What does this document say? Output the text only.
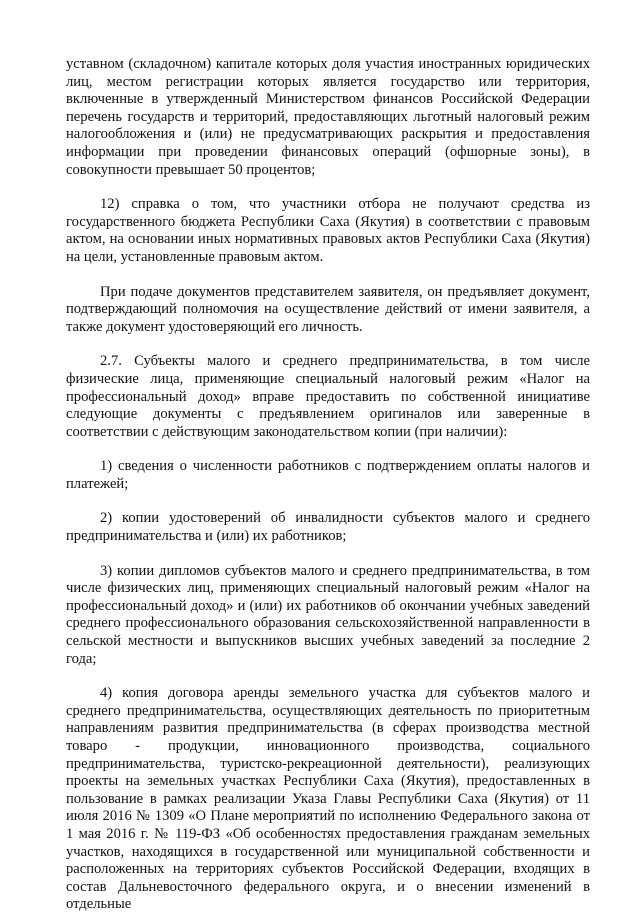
уставном (складочном) капитале которых доля участия иностранных юридических лиц, местом регистрации которых является государство или территория, включенные в утвержденный Министерством финансов Российской Федерации перечень государств и территорий, предоставляющих льготный налоговый режим налогообложения и (или) не предусматривающих раскрытия и предоставления информации при проведении финансовых операций (офшорные зоны), в совокупности превышает 50 процентов;

12) справка о том, что участники отбора не получают средства из государственного бюджета Республики Саха (Якутия) в соответствии с правовым актом, на основании иных нормативных правовых актов Республики Саха (Якутия) на цели, установленные правовым актом.

При подаче документов представителем заявителя, он предъявляет документ, подтверждающий полномочия на осуществление действий от имени заявителя, а также документ удостоверяющий его личность.

2.7. Субъекты малого и среднего предпринимательства, в том числе физические лица, применяющие специальный налоговый режим «Налог на профессиональный доход» вправе предоставить по собственной инициативе следующие документы с предъявлением оригиналов или заверенные в соответствии с действующим законодательством копии (при наличии):

1) сведения о численности работников с подтверждением оплаты налогов и платежей;

2) копии удостоверений об инвалидности субъектов малого и среднего предпринимательства и (или) их работников;

3) копии дипломов субъектов малого и среднего предпринимательства, в том числе физических лиц, применяющих специальный налоговый режим «Налог на профессиональный доход» и (или) их работников об окончании учебных заведений среднего профессионального образования сельскохозяйственной направленности в сельской местности и выпускников высших учебных заведений за последние 2 года;

4) копия договора аренды земельного участка для субъектов малого и среднего предпринимательства, осуществляющих деятельность по приоритетным направлениям развития предпринимательства (в сферах производства местной товаро - продукции, инновационного производства, социального предпринимательства, туристско-рекреационной деятельности), реализующих проекты на земельных участках Республики Саха (Якутия), предоставленных в пользование в рамках реализации Указа Главы Республики Саха (Якутия) от 11 июля 2016 № 1309 «О Плане мероприятий по исполнению Федерального закона от 1 мая 2016 г. № 119-ФЗ «Об особенностях предоставления гражданам земельных участков, находящихся в государственной или муниципальной собственности и расположенных на территориях субъектов Российской Федерации, входящих в состав Дальневосточного федерального округа, и о внесении изменений в отдельные
